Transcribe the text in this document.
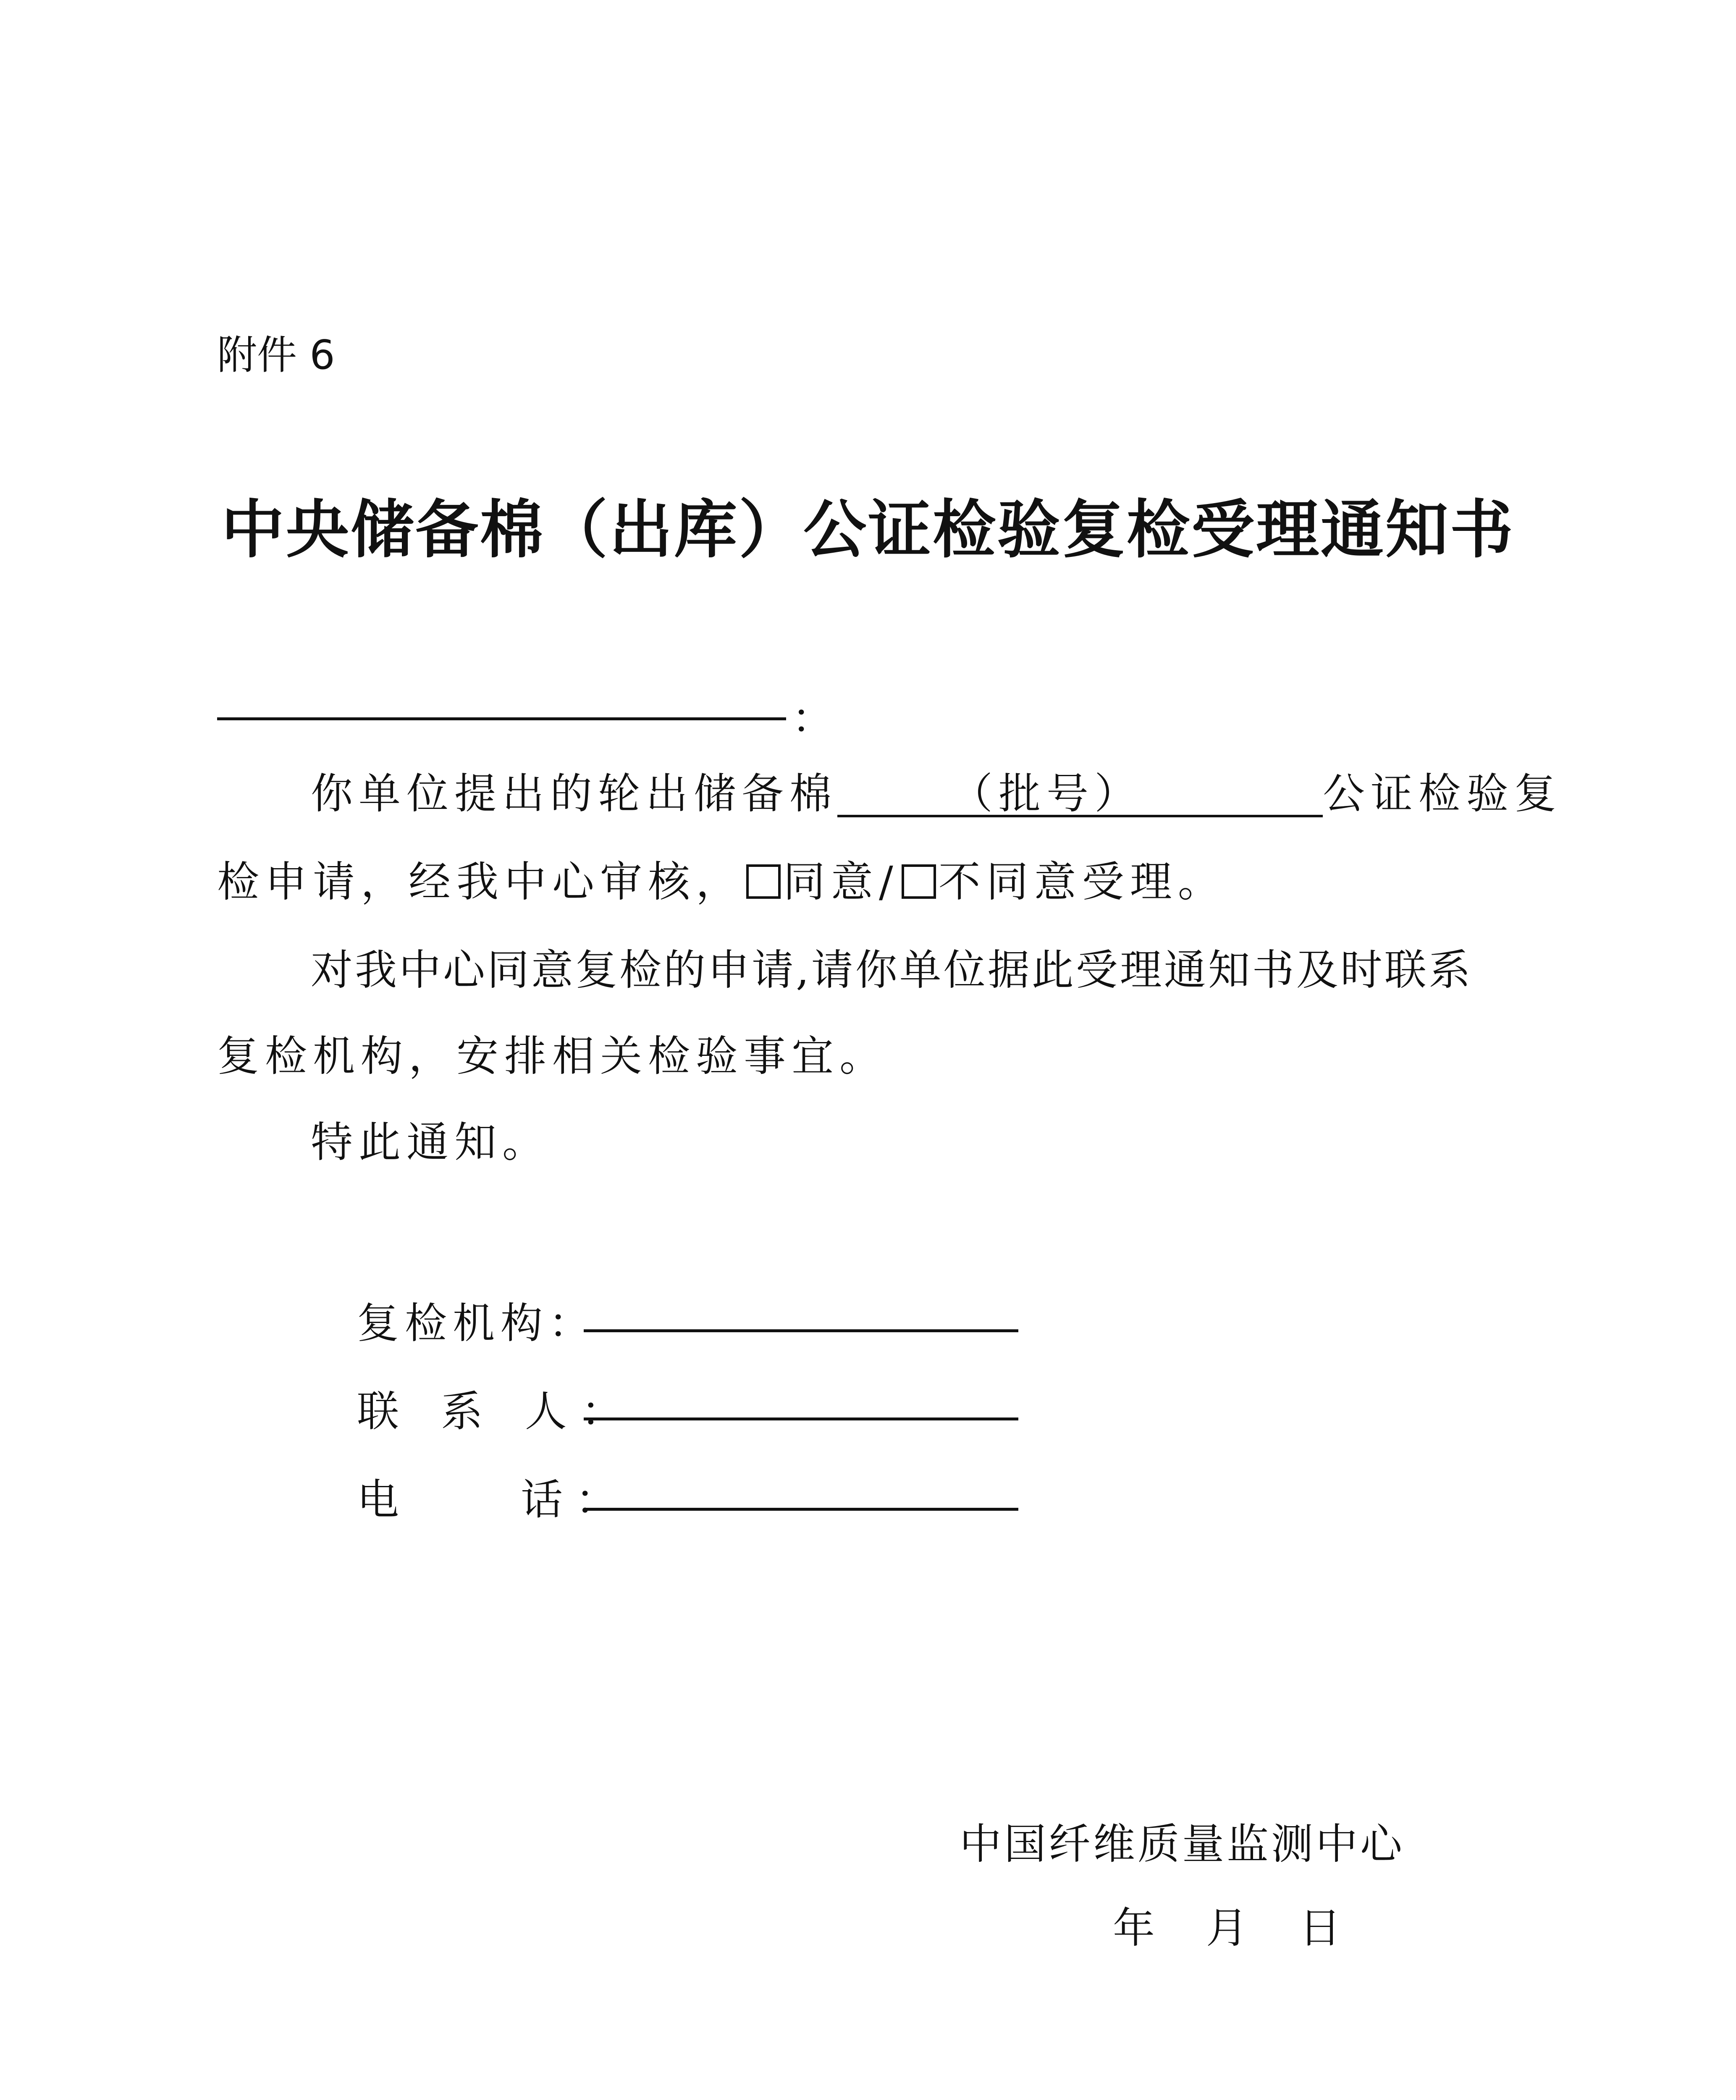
附件 6
中央储备棉（出库）公证检验复检受理通知书
：
你单位提出的轮出储备棉	（批号）	公证检验复
检申请，经我中心审核， 同意/ 不同意受理。
对我中心同意复检的申请,请你单位据此受理通知书及时联系
复检机构，安排相关检验事宜。
特此通知。
复检机构：
联 系 人：
电　　话：
中国纤维质量监测中心
年 月 日
